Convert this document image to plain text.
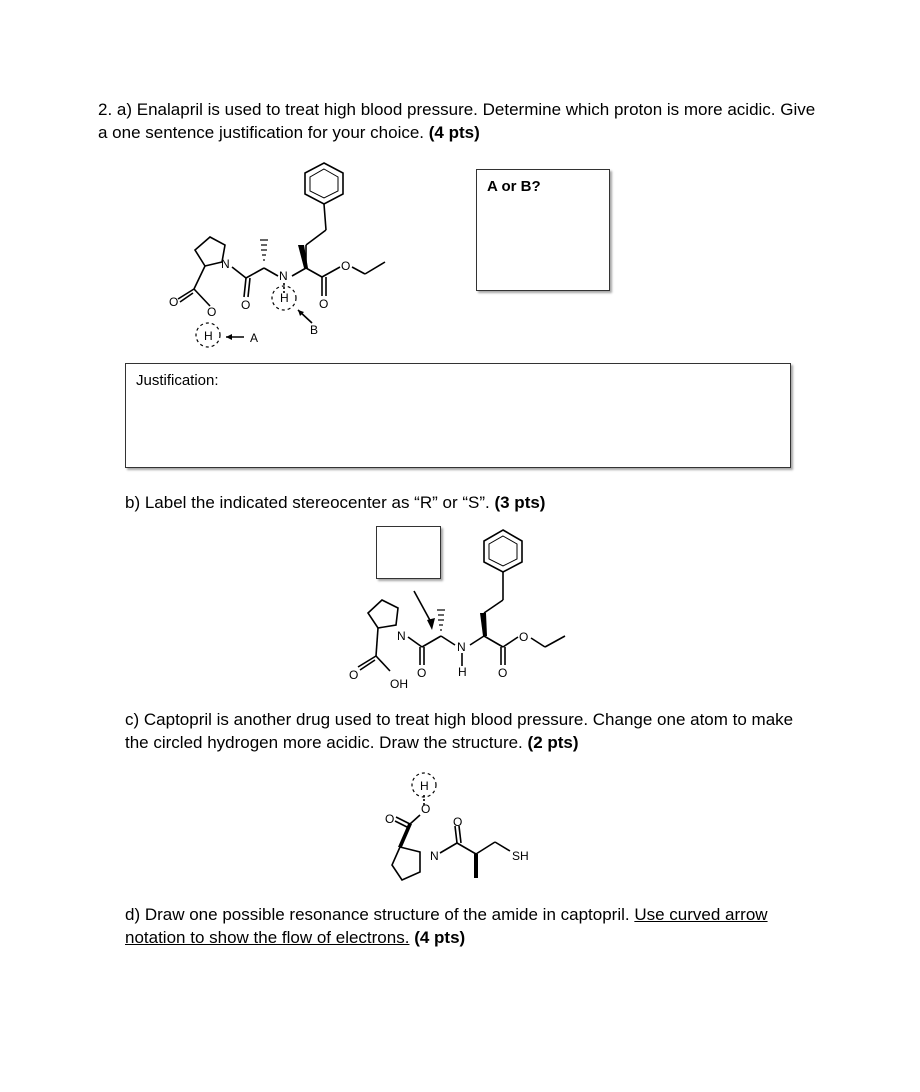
2. a) Enalapril is used to treat high blood pressure. Determine which proton is more acidic. Give a one sentence justification for your choice. (4 pts)
N
N
H
O
O
H
O	O	O
A
B
A or B?
Justification:
b) Label the indicated stereocenter as “R” or “S”. (3 pts)
N
N
H
OH
O
O	O	O
c) Captopril is another drug used to treat high blood pressure. Change one atom to make the circled hydrogen more acidic. Draw the structure. (2 pts)
H
O
O	O
N	SH
d) Draw one possible resonance structure of the amide in captopril. Use curved arrow notation to show the flow of electrons. (4 pts)
